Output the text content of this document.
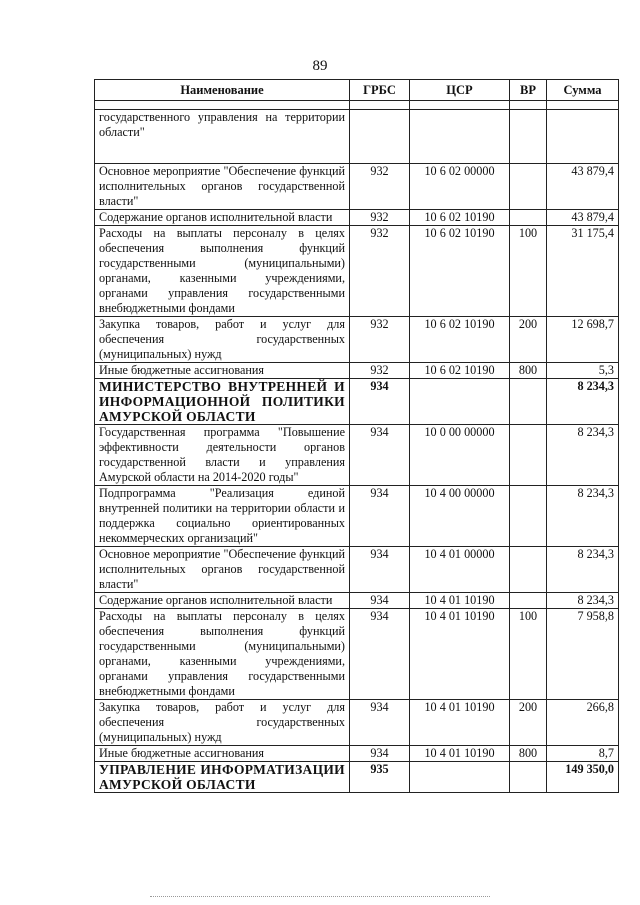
89
Наименование	ГРБС	ЦСР	ВР	Сумма

государственного управления на территории области"				
Основное мероприятие "Обеспечение функций исполнительных органов государственной власти"	932	10 6 02 00000		43 879,4
Содержание органов исполнительной власти	932	10 6 02 10190		43 879,4
Расходы на выплаты персоналу в целях обеспечения выполнения функций государственными (муниципальными) органами, казенными учреждениями, органами управления государственными внебюджетными фондами	932	10 6 02 10190	100	31 175,4
Закупка товаров, работ и услуг для обеспечения государственных (муниципальных) нужд	932	10 6 02 10190	200	12 698,7
Иные бюджетные ассигнования	932	10 6 02 10190	800	5,3
МИНИСТЕРСТВО ВНУТРЕННЕЙ И ИНФОРМАЦИОННОЙ ПОЛИТИКИ АМУРСКОЙ ОБЛАСТИ	934			8 234,3
Государственная программа "Повышение эффективности деятельности органов государственной власти и управления Амурской области на 2014-2020 годы"	934	10 0 00 00000		8 234,3
Подпрограмма "Реализация единой внутренней политики на территории области и поддержка социально ориентированных некоммерческих организаций"	934	10 4 00 00000		8 234,3
Основное мероприятие "Обеспечение функций исполнительных органов государственной власти"	934	10 4 01 00000		8 234,3
Содержание органов исполнительной власти	934	10 4 01 10190		8 234,3
Расходы на выплаты персоналу в целях обеспечения выполнения функций государственными (муниципальными) органами, казенными учреждениями, органами управления государственными внебюджетными фондами	934	10 4 01 10190	100	7 958,8
Закупка товаров, работ и услуг для обеспечения государственных (муниципальных) нужд	934	10 4 01 10190	200	266,8
Иные бюджетные ассигнования	934	10 4 01 10190	800	8,7
УПРАВЛЕНИЕ ИНФОРМАТИЗАЦИИ АМУРСКОЙ ОБЛАСТИ	935			149 350,0
